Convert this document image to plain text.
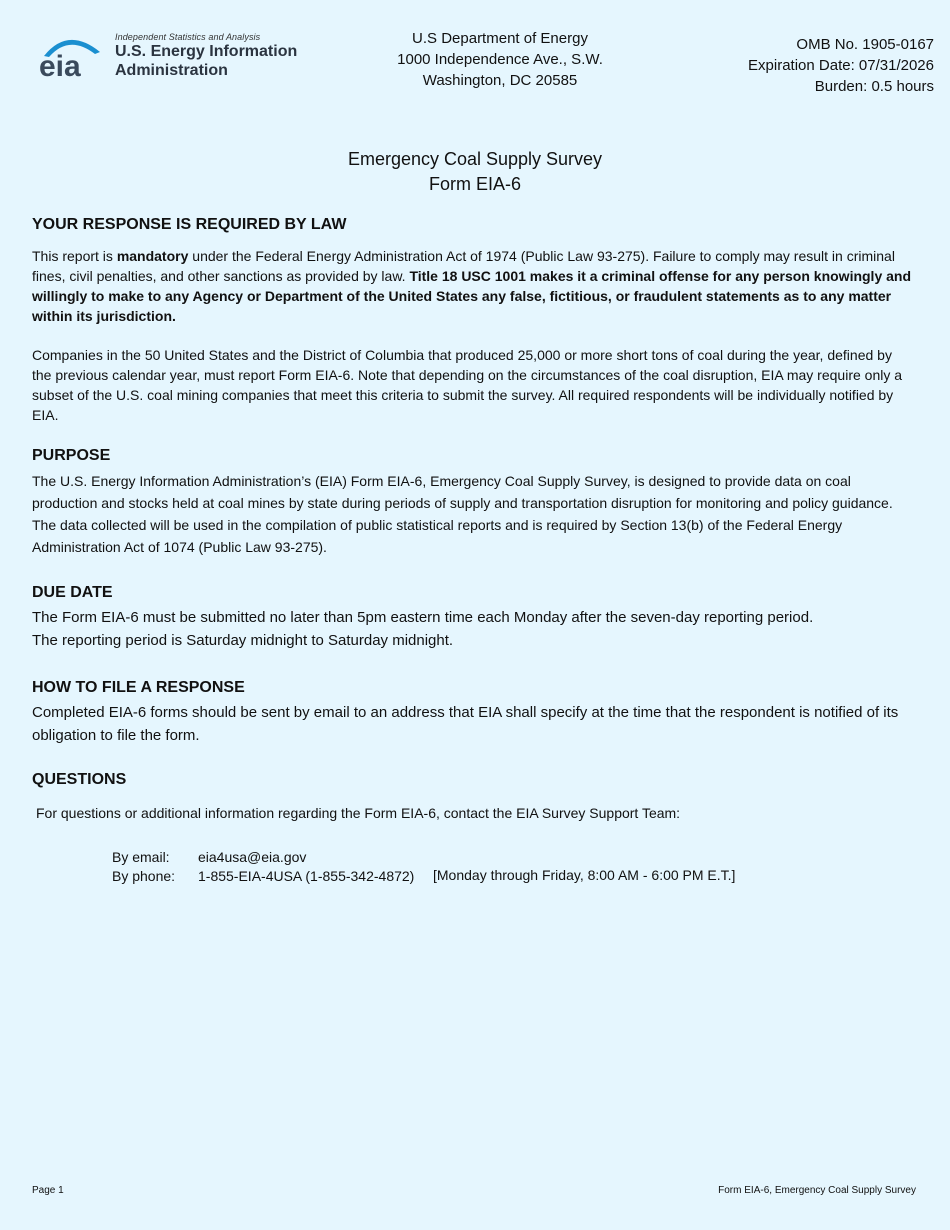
eia
Independent Statistics and Analysis
U.S. Energy Information
Administration
U.S Department of Energy
1000 Independence Ave., S.W.
Washington, DC 20585
OMB No. 1905-0167
Expiration Date: 07/31/2026
Burden: 0.5 hours
Emergency Coal Supply Survey
Form EIA-6
YOUR RESPONSE IS REQUIRED BY LAW
This report is mandatory under the Federal Energy Administration Act of 1974 (Public Law 93-275). Failure to comply may result in criminal fines, civil penalties, and other sanctions as provided by law. Title 18 USC 1001 makes it a criminal offense for any person knowingly and willingly to make to any Agency or Department of the United States any false, fictitious, or fraudulent statements as to any matter within its jurisdiction.
Companies in the 50 United States and the District of Columbia that produced 25,000 or more short tons of coal during the year, defined by the previous calendar year, must report Form EIA-6. Note that depending on the circumstances of the coal disruption, EIA may require only a subset of the U.S. coal mining companies that meet this criteria to submit the survey. All required respondents will be individually notified by EIA.
PURPOSE
The U.S. Energy Information Administration’s (EIA) Form EIA-6, Emergency Coal Supply Survey, is designed to provide data on coal production and stocks held at coal mines by state during periods of supply and transportation disruption for monitoring and policy guidance. The data collected will be used in the compilation of public statistical reports and is required by Section 13(b) of the Federal Energy Administration Act of 1074 (Public Law 93-275).
DUE DATE
The Form EIA-6 must be submitted no later than 5pm eastern time each Monday after the seven-day reporting period.
The reporting period is Saturday midnight to Saturday midnight.
HOW TO FILE A RESPONSE
Completed EIA-6 forms should be sent by email to an address that EIA shall specify at the time that the respondent is notified of its obligation to file the form.
QUESTIONS
For questions or additional information regarding the Form EIA-6, contact the EIA Survey Support Team:
By email: eia4usa@eia.gov
By phone: 1-855-EIA-4USA (1-855-342-4872) [Monday through Friday, 8:00 AM - 6:00 PM E.T.]
Page 1	Form EIA-6, Emergency Coal Supply Survey
